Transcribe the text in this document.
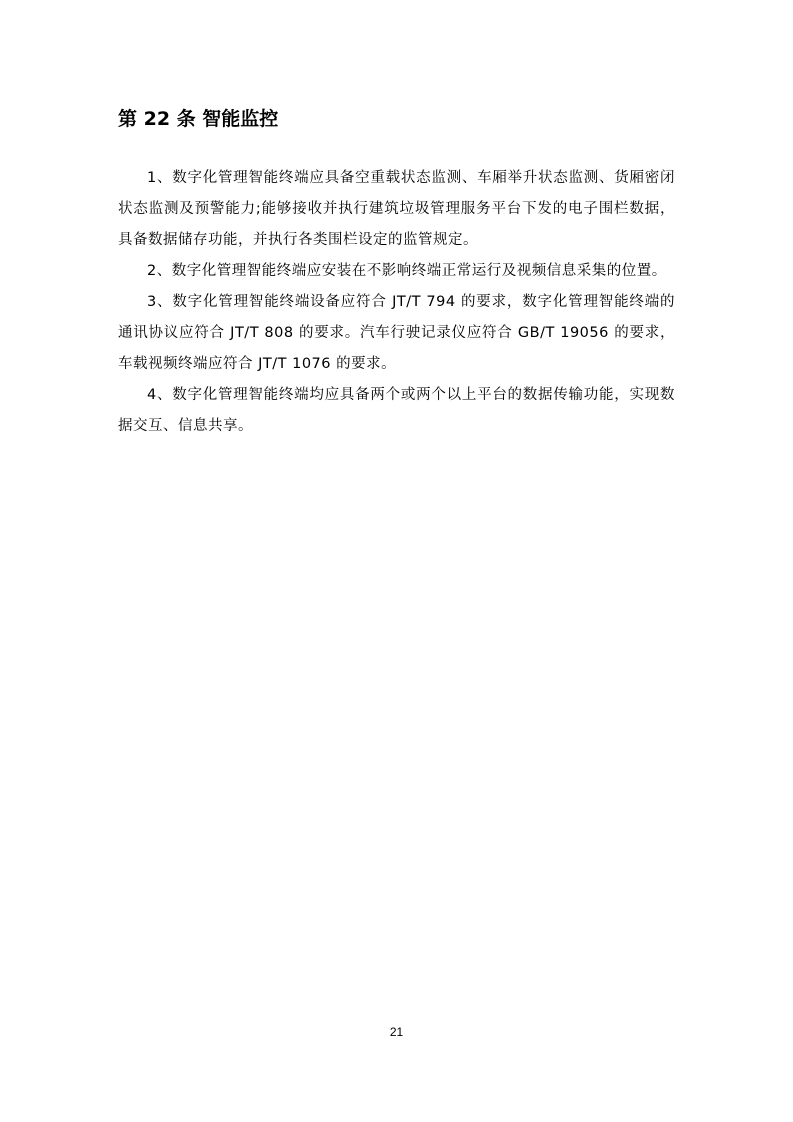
第 22 条 智能监控

1、数字化管理智能终端应具备空重载状态监测、车厢举升状态监测、货厢密闭状态监测及预警能力;能够接收并执行建筑垃圾管理服务平台下发的电子围栏数据，具备数据储存功能，并执行各类围栏设定的监管规定。

2、数字化管理智能终端应安装在不影响终端正常运行及视频信息采集的位置。

3、数字化管理智能终端设备应符合 JT/T 794 的要求，数字化管理智能终端的通讯协议应符合 JT/T 808 的要求。汽车行驶记录仪应符合 GB/T 19056 的要求，车载视频终端应符合 JT/T 1076 的要求。

4、数字化管理智能终端均应具备两个或两个以上平台的数据传输功能，实现数据交互、信息共享。

21
